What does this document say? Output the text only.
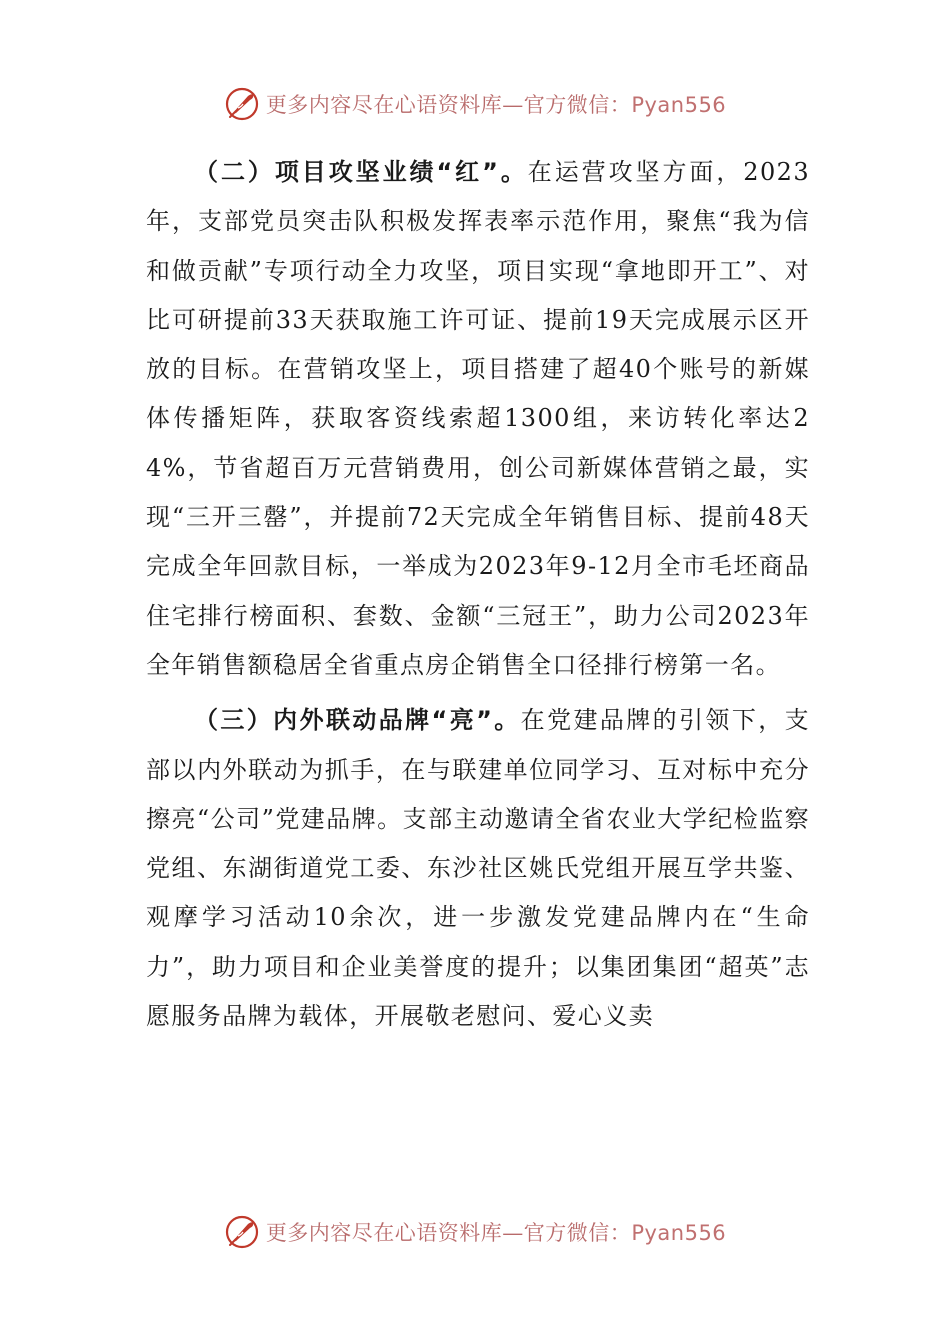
更多内容尽在心语资料库—官方微信：Pyan556

（二）项目攻坚业绩“红”。在运营攻坚方面，2023年，支部党员突击队积极发挥表率示范作用，聚焦“我为信和做贡献”专项行动全力攻坚，项目实现“拿地即开工”、对比可研提前33天获取施工许可证、提前19天完成展示区开放的目标。在营销攻坚上，项目搭建了超40个账号的新媒体传播矩阵，获取客资线索超1300组，来访转化率达24%，节省超百万元营销费用，创公司新媒体营销之最，实现“三开三罄”，并提前72天完成全年销售目标、提前48天完成全年回款目标，一举成为2023年9-12月全市毛坯商品住宅排行榜面积、套数、金额“三冠王”，助力公司2023年全年销售额稳居全省重点房企销售全口径排行榜第一名。

（三）内外联动品牌“亮”。在党建品牌的引领下，支部以内外联动为抓手，在与联建单位同学习、互对标中充分擦亮“公司”党建品牌。支部主动邀请全省农业大学纪检监察党组、东湖街道党工委、东沙社区姚氏党组开展互学共鉴、观摩学习活动10余次，进一步激发党建品牌内在“生命力”，助力项目和企业美誉度的提升；以集团集团“超英”志愿服务品牌为载体，开展敬老慰问、爱心义卖

更多内容尽在心语资料库—官方微信：Pyan556
